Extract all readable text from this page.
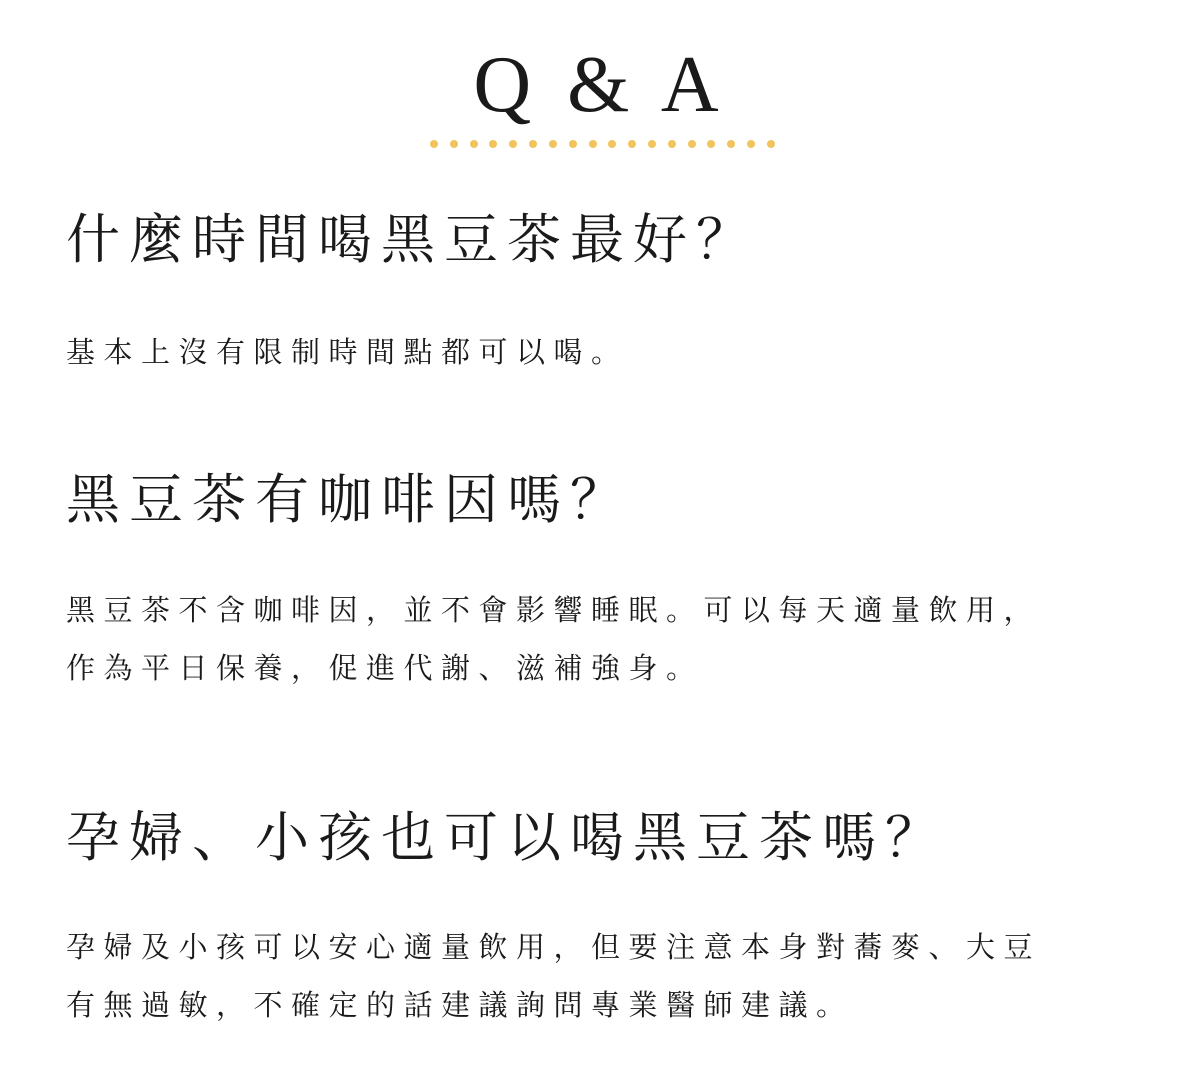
Q & A
什麼時間喝黑豆茶最好？

基本上沒有限制時間點都可以喝。

黑豆茶有咖啡因嗎？

黑豆茶不含咖啡因，並不會影響睡眠。可以每天適量飲用，
作為平日保養，促進代謝、滋補強身。

孕婦、小孩也可以喝黑豆茶嗎？

孕婦及小孩可以安心適量飲用，但要注意本身對蕎麥、大豆
有無過敏，不確定的話建議詢問專業醫師建議。
